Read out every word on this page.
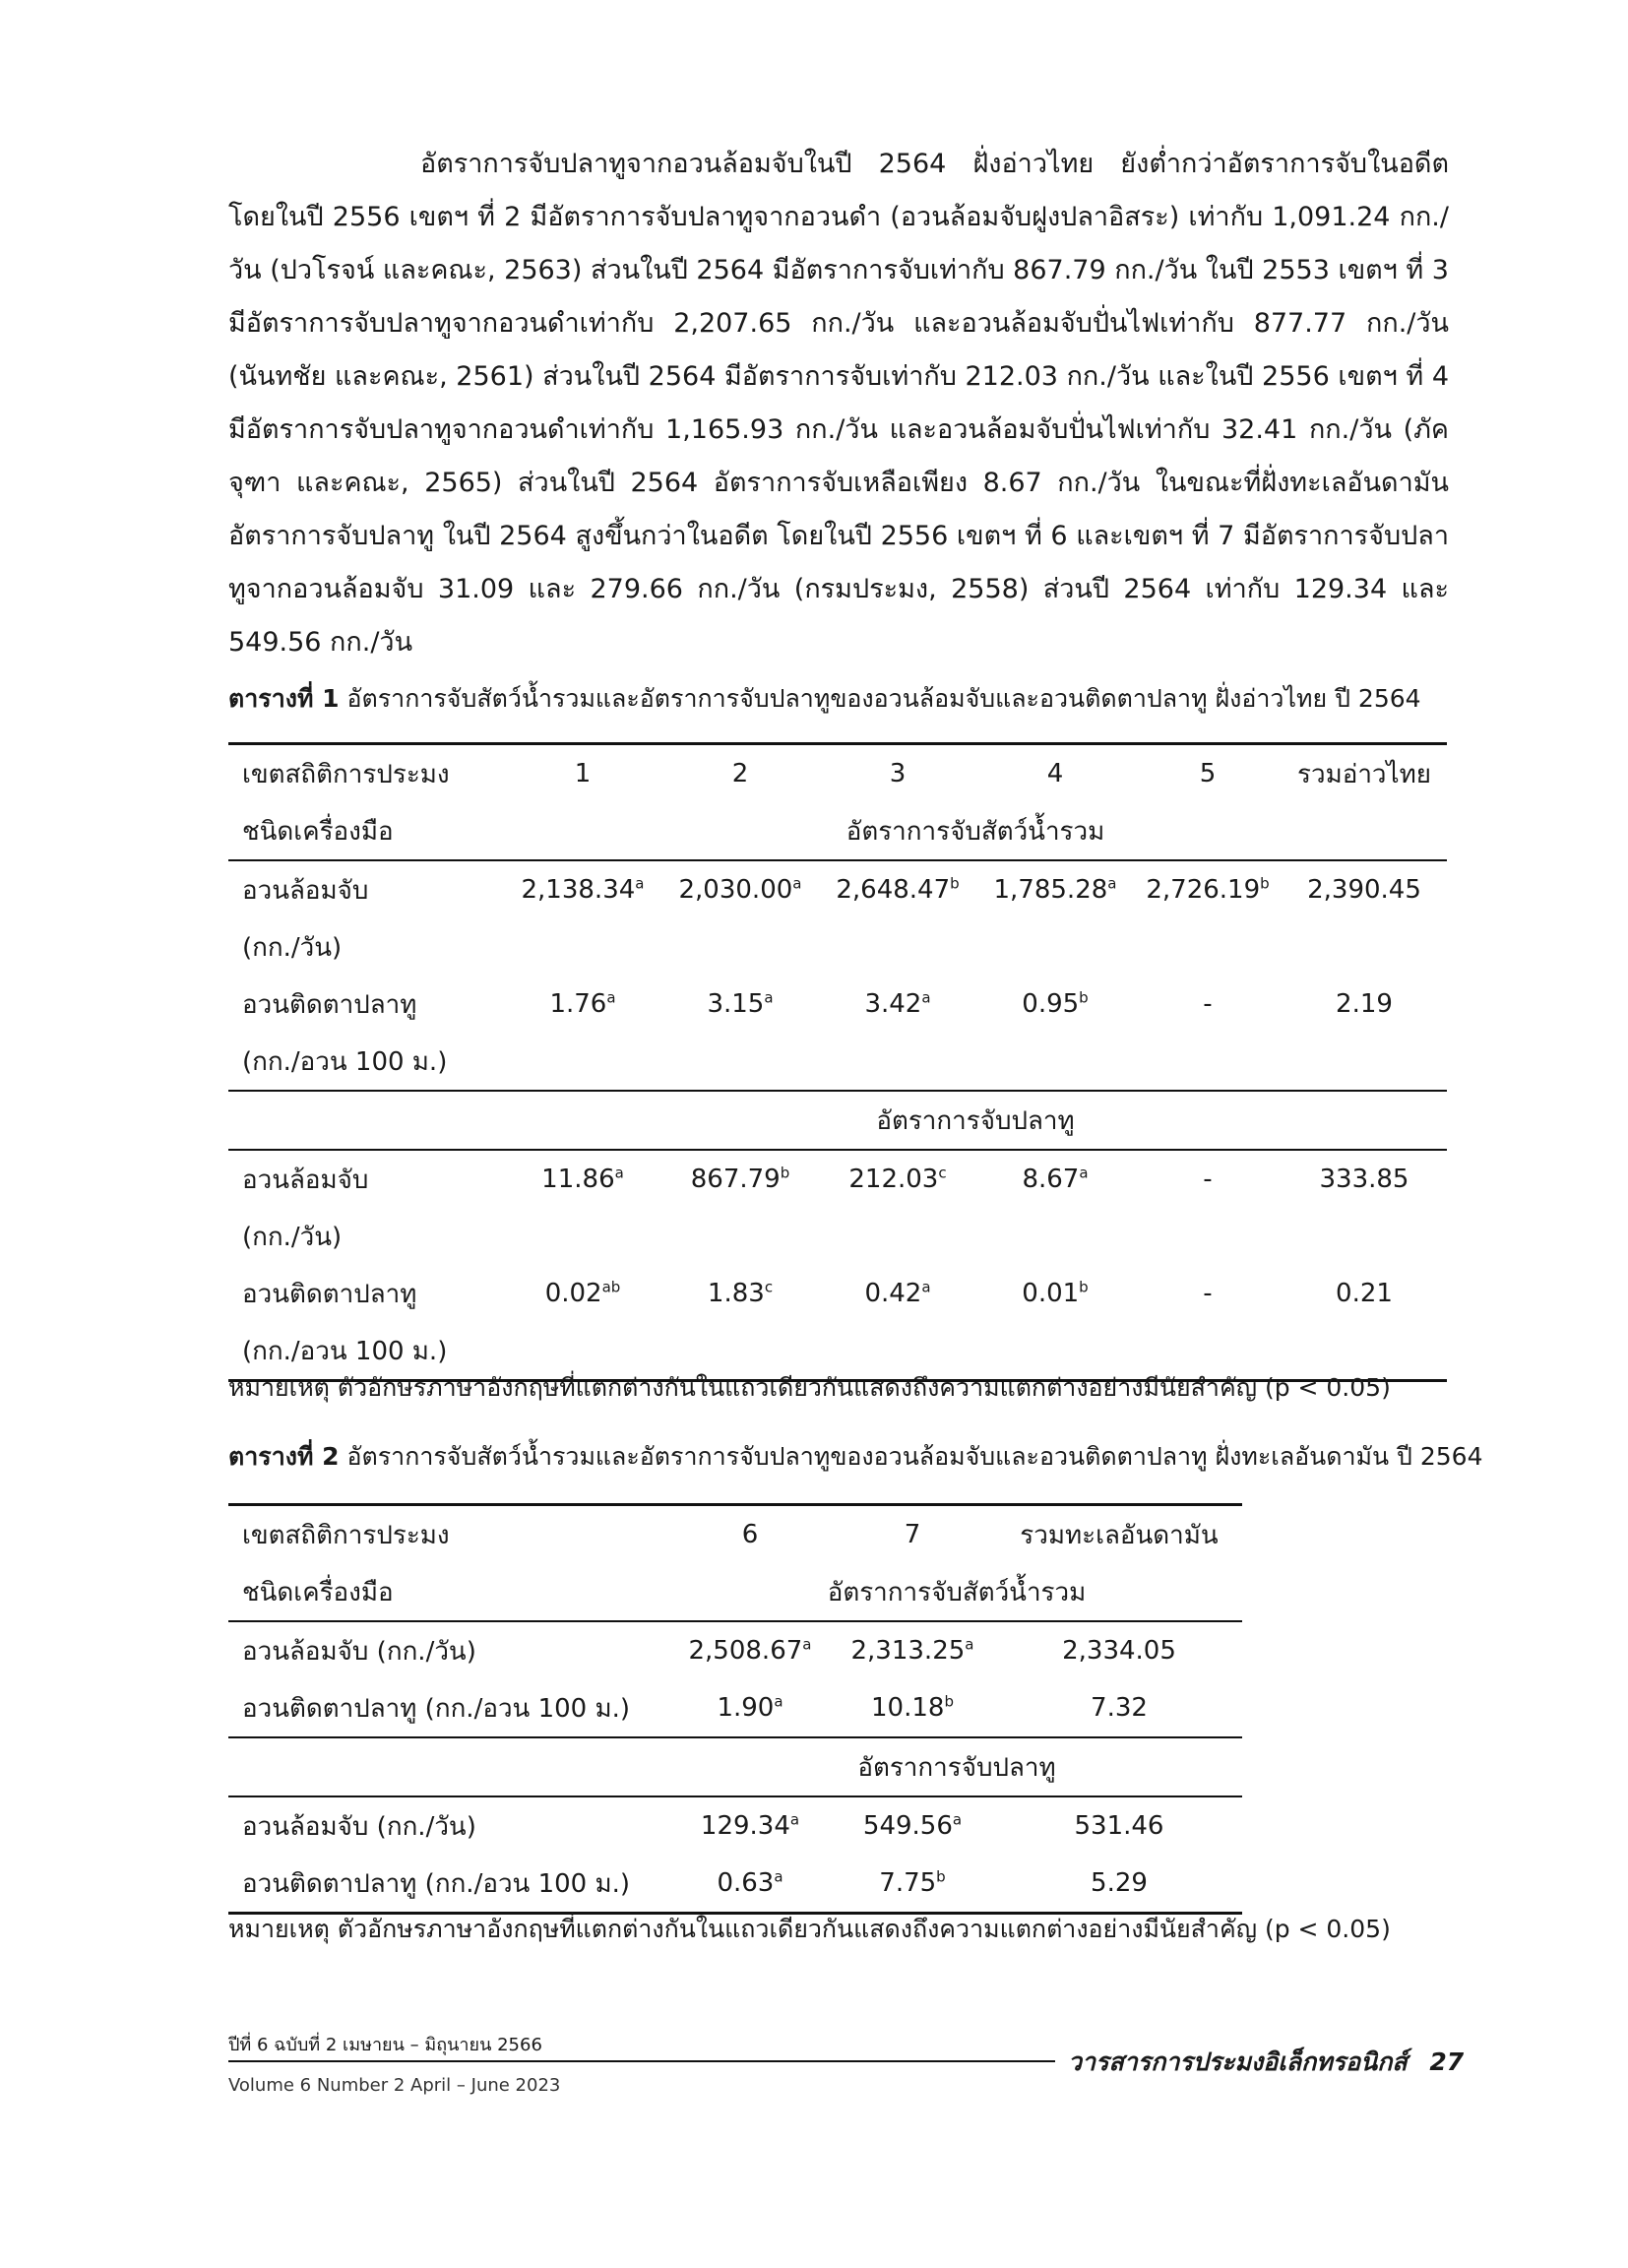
อัตราการจับปลาทูจากอวนล้อมจับในปี 2564 ฝั่งอ่าวไทย ยังต่ำกว่าอัตราการจับในอดีต โดยในปี 2556 เขตฯ ที่ 2 มีอัตราการจับปลาทูจากอวนดำ (อวนล้อมจับฝูงปลาอิสระ) เท่ากับ 1,091.24 กก./วัน (ปวโรจน์ และคณะ, 2563) ส่วนในปี 2564 มีอัตราการจับเท่ากับ 867.79 กก./วัน ในปี 2553 เขตฯ ที่ 3 มีอัตราการจับปลาทูจากอวนดำเท่ากับ 2,207.65 กก./วัน และอวนล้อมจับปั่นไฟเท่ากับ 877.77 กก./วัน (นันทชัย และคณะ, 2561) ส่วนในปี 2564 มีอัตราการจับเท่ากับ 212.03 กก./วัน และในปี 2556 เขตฯ ที่ 4 มีอัตราการจับปลาทูจากอวนดำเท่ากับ 1,165.93 กก./วัน และอวนล้อมจับปั่นไฟเท่ากับ 32.41 กก./วัน (ภัคจุฑา และคณะ, 2565) ส่วนในปี 2564 อัตราการจับเหลือเพียง 8.67 กก./วัน ในขณะที่ฝั่งทะเลอันดามัน อัตราการจับปลาทู ในปี 2564 สูงขึ้นกว่าในอดีต โดยในปี 2556 เขตฯ ที่ 6 และเขตฯ ที่ 7 มีอัตราการจับปลาทูจากอวนล้อมจับ 31.09 และ 279.66 กก./วัน (กรมประมง, 2558) ส่วนปี 2564 เท่ากับ 129.34 และ 549.56 กก./วัน
ตารางที่ 1 อัตราการจับสัตว์น้ำรวมและอัตราการจับปลาทูของอวนล้อมจับและอวนติดตาปลาทู ฝั่งอ่าวไทย ปี 2564
เขตสถิติการประมง	1	2	3	4	5	รวมอ่าวไทย
ชนิดเครื่องมือ	อัตราการจับสัตว์น้ำรวม					
อวนล้อมจับ	2,138.34$^a$	2,030.00$^a$	2,648.47$^b$	1,785.28$^a$	2,726.19$^b$	2,390.45
(กก./วัน)						
อวนติดตาปลาทู	1.76$^a$	3.15$^a$	3.42$^a$	0.95$^b$	-	2.19
(กก./อวน 100 ม.)						
	อัตราการจับปลาทู					
อวนล้อมจับ	11.86$^a$	867.79$^b$	212.03$^c$	8.67$^a$	-	333.85
(กก./วัน)						
อวนติดตาปลาทู	0.02$^{ab}$	1.83$^c$	0.42$^a$	0.01$^b$	-	0.21
(กก./อวน 100 ม.)						
หมายเหตุ ตัวอักษรภาษาอังกฤษที่แตกต่างกันในแถวเดียวกันแสดงถึงความแตกต่างอย่างมีนัยสำคัญ (p < 0.05)
ตารางที่ 2 อัตราการจับสัตว์น้ำรวมและอัตราการจับปลาทูของอวนล้อมจับและอวนติดตาปลาทู ฝั่งทะเลอันดามัน ปี 2564
เขตสถิติการประมง	6	7	รวมทะเลอันดามัน
ชนิดเครื่องมือ	อัตราการจับสัตว์น้ำรวม		
อวนล้อมจับ (กก./วัน)	2,508.67$^a$	2,313.25$^a$	2,334.05
อวนติดตาปลาทู (กก./อวน 100 ม.)	1.90$^a$	10.18$^b$	7.32
	อัตราการจับปลาทู		
อวนล้อมจับ (กก./วัน)	129.34$^a$	549.56$^a$	531.46
อวนติดตาปลาทู (กก./อวน 100 ม.)	0.63$^a$	7.75$^b$	5.29
หมายเหตุ ตัวอักษรภาษาอังกฤษที่แตกต่างกันในแถวเดียวกันแสดงถึงความแตกต่างอย่างมีนัยสำคัญ (p < 0.05)
ปีที่ 6 ฉบับที่ 2 เมษายน – มิถุนายน 2566
Volume 6 Number 2 April – June 2023
วารสารการประมงอิเล็กทรอนิกส์ 27
